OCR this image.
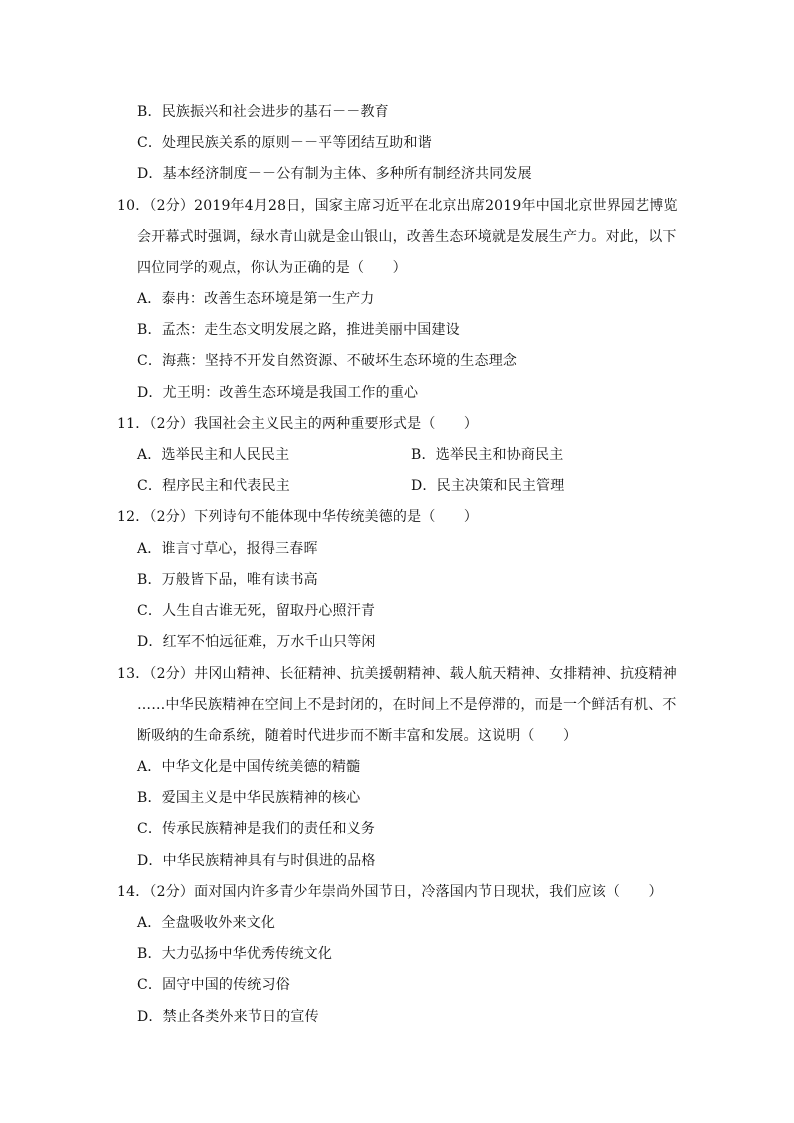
B．民族振兴和社会进步的基石－－教育
C．处理民族关系的原则－－平等团结互助和谐
D．基本经济制度－－公有制为主体、多种所有制经济共同发展
10．（2分）2019年4月28日，国家主席习近平在北京出席2019年中国北京世界园艺博览
会开幕式时强调，绿水青山就是金山银山，改善生态环境就是发展生产力。对此，以下
四位同学的观点，你认为正确的是（　　）
A．泰冉：改善生态环境是第一生产力
B．孟杰：走生态文明发展之路，推进美丽中国建设
C．海燕：坚持不开发自然资源、不破坏生态环境的生态理念
D．尤王明：改善生态环境是我国工作的重心
11．（2分）我国社会主义民主的两种重要形式是（　　）
A．选举民主和人民民主	B．选举民主和协商民主
C．程序民主和代表民主	D．民主决策和民主管理
12．（2分）下列诗句不能体现中华传统美德的是（　　）
A．谁言寸草心，报得三春晖
B．万般皆下品，唯有读书高
C．人生自古谁无死，留取丹心照汗青
D．红军不怕远征难，万水千山只等闲
13．（2分）井冈山精神、长征精神、抗美援朝精神、载人航天精神、女排精神、抗疫精神
……中华民族精神在空间上不是封闭的，在时间上不是停滞的，而是一个鲜活有机、不
断吸纳的生命系统，随着时代进步而不断丰富和发展。这说明（　　）
A．中华文化是中国传统美德的精髓
B．爱国主义是中华民族精神的核心
C．传承民族精神是我们的责任和义务
D．中华民族精神具有与时俱进的品格
14．（2分）面对国内许多青少年崇尚外国节日，冷落国内节日现状，我们应该（　　）
A．全盘吸收外来文化
B．大力弘扬中华优秀传统文化
C．固守中国的传统习俗
D．禁止各类外来节日的宣传
